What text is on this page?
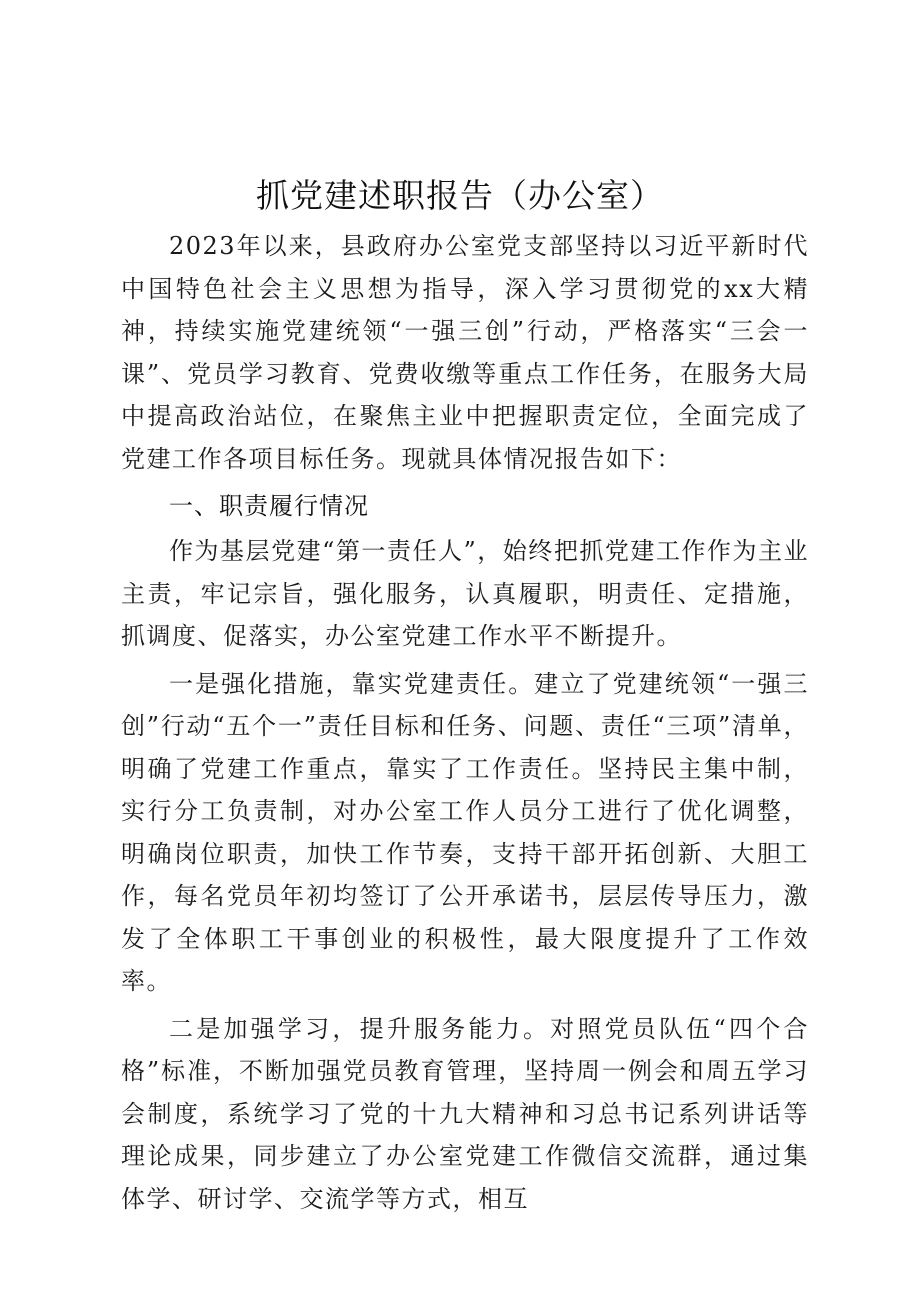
抓党建述职报告（办公室）

2023年以来，县政府办公室党支部坚持以习近平新时代中国特色社会主义思想为指导，深入学习贯彻党的xx大精神，持续实施党建统领“一强三创”行动，严格落实“三会一课”、党员学习教育、党费收缴等重点工作任务，在服务大局中提高政治站位，在聚焦主业中把握职责定位，全面完成了党建工作各项目标任务。现就具体情况报告如下：

一、职责履行情况

作为基层党建“第一责任人”，始终把抓党建工作作为主业主责，牢记宗旨，强化服务，认真履职，明责任、定措施，抓调度、促落实，办公室党建工作水平不断提升。

一是强化措施，靠实党建责任。建立了党建统领“一强三创”行动“五个一”责任目标和任务、问题、责任“三项”清单，明确了党建工作重点，靠实了工作责任。坚持民主集中制，实行分工负责制，对办公室工作人员分工进行了优化调整，明确岗位职责，加快工作节奏，支持干部开拓创新、大胆工作，每名党员年初均签订了公开承诺书，层层传导压力，激发了全体职工干事创业的积极性，最大限度提升了工作效率。

二是加强学习，提升服务能力。对照党员队伍“四个合格”标准，不断加强党员教育管理，坚持周一例会和周五学习会制度，系统学习了党的十九大精神和习总书记系列讲话等理论成果，同步建立了办公室党建工作微信交流群，通过集体学、研讨学、交流学等方式，相互
